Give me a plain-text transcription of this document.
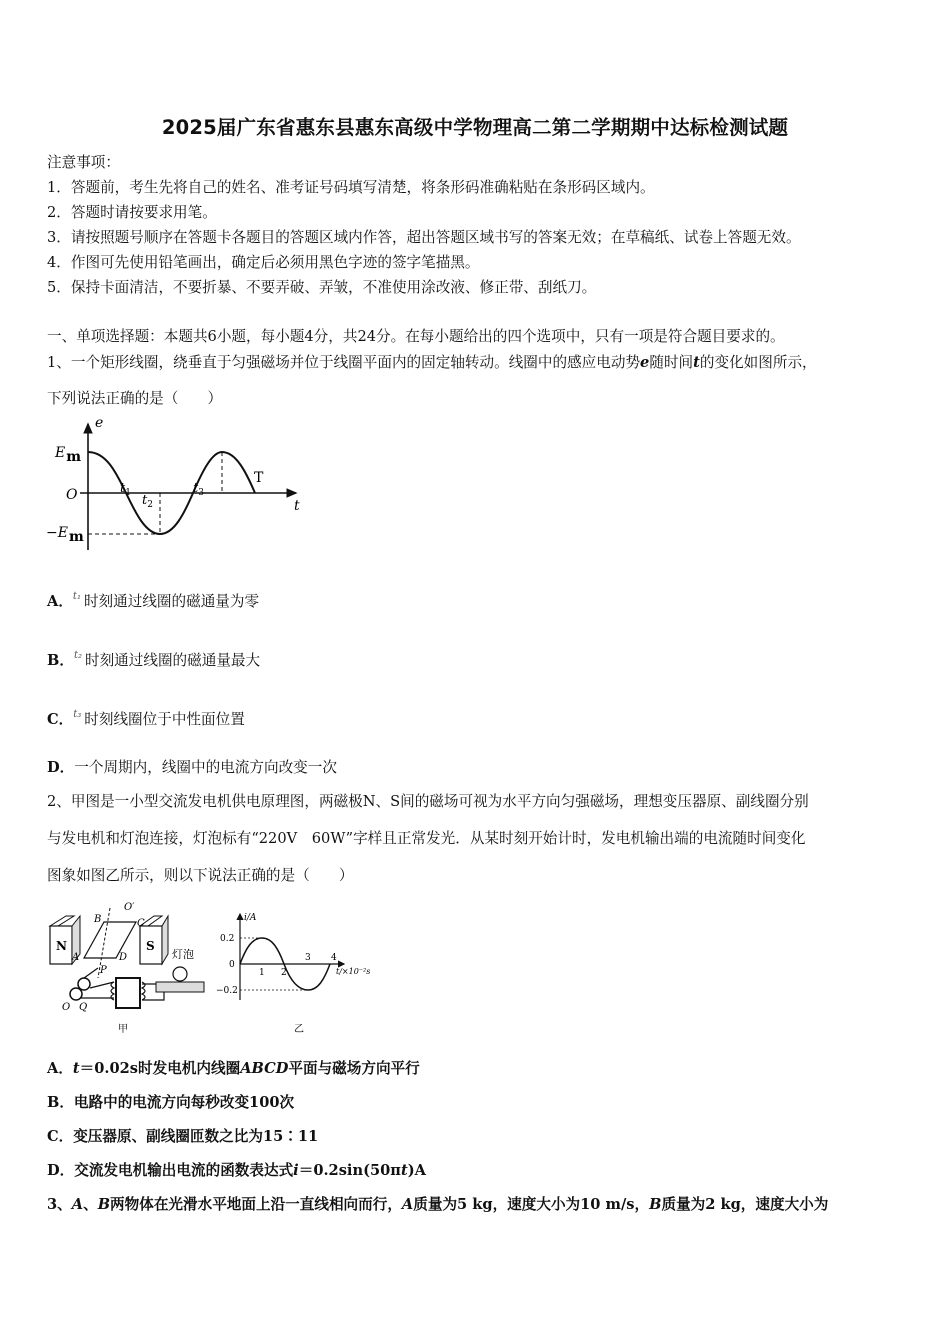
2025届广东省惠东县惠东高级中学物理高二第二学期期中达标检测试题
注意事项：
1．答题前，考生先将自己的姓名、准考证号码填写清楚，将条形码准确粘贴在条形码区域内。
2．答题时请按要求用笔。
3．请按照题号顺序在答题卡各题目的答题区域内作答，超出答题区域书写的答案无效；在草稿纸、试卷上答题无效。
4．作图可先使用铅笔画出，确定后必须用黑色字迹的签字笔描黑。
5．保持卡面清洁，不要折暴、不要弄破、弄皱，不准使用涂改液、修正带、刮纸刀。
一、单项选择题：本题共6小题，每小题4分，共24分。在每小题给出的四个选项中，只有一项是符合题目要求的。
1、一个矩形线圈，绕垂直于匀强磁场并位于线圈平面内的固定轴转动。线圈中的感应电动势e随时间t的变化如图所示，
下列说法正确的是（　　）
e
t
Em
−Em
O	$t_1$ $t_2$
$t_3$
T
A．$^{t_1}$ 时刻通过线圈的磁通量为零
B．$^{t_2}$ 时刻通过线圈的磁通量最大
C．$^{t_3}$ 时刻线圈位于中性面位置
D．一个周期内，线圈中的电流方向改变一次
2、甲图是一小型交流发电机供电原理图，两磁极N、S间的磁场可视为水平方向匀强磁场，理想变压器原、副线圈分别
与发电机和灯泡连接，灯泡标有“220V　60W”字样且正常发光．从某时刻开始计时，发电机输出端的电流随时间变化
图象如图乙所示，则以下说法正确的是（　　）
N	S
B	C
O′
A	D
P
O Q
灯泡
甲
i/A
0.2
0
−0.2
1 2
3 4
t/×10⁻²s
乙
A．t＝0.02s时发电机内线圈ABCD平面与磁场方向平行
B．电路中的电流方向每秒改变100次
C．变压器原、副线圈匝数之比为15∶11
D．交流发电机输出电流的函数表达式i＝0.2sin(50πt)A
3、A、B两物体在光滑水平地面上沿一直线相向而行，A质量为5 kg，速度大小为10 m/s，B质量为2 kg，速度大小为
